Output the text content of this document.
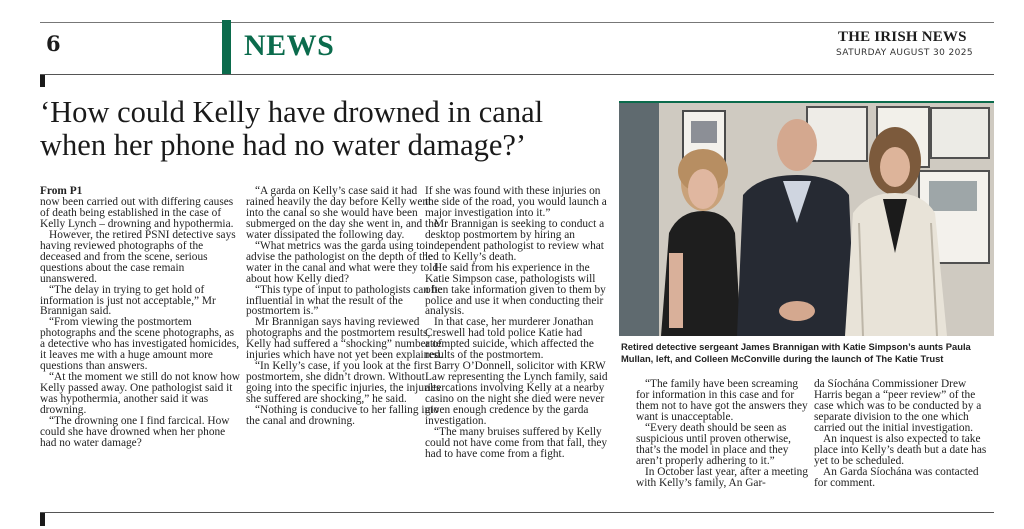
6	NEWS	THE IRISH NEWS
SATURDAY AUGUST 30 2025
‘How could Kelly have drowned in canal
when her phone had no water damage?’
From P1
now been carried out with differing causes of death being established in the case of Kelly Lynch – drowning and hypothermia.
However, the retired PSNI detective says having reviewed photographs of the deceased and from the scene, serious questions about the case remain unanswered.
“The delay in trying to get hold of information is just not acceptable,” Mr Brannigan said.
“From viewing the postmortem photographs and the scene photographs, as a detective who has investigated homicides, it leaves me with a huge amount more questions than answers.
“At the moment we still do not know how Kelly passed away. One pathologist said it was hypothermia, another said it was drowning.
“The drowning one I find farcical. How could she have drowned when her phone had no water damage?
“A garda on Kelly’s case said it had rained heavily the day before Kelly went into the canal so she would have been submerged on the day she went in, and the water dissipated the following day.
“What metrics was the garda using to advise the pathologist on the depth of the water in the canal and what were they told about how Kelly died?
“This type of input to pathologists can be influential in what the result of the postmortem is.”
Mr Brannigan says having reviewed photographs and the postmortem results, Kelly had suffered a “shocking” number of injuries which have not yet been explained.
“In Kelly’s case, if you look at the first postmortem, she didn’t drown. Without going into the specific injuries, the injuries she suffered are shocking,” he said.
“Nothing is conducive to her falling into the canal and drowning.
If she was found with these injuries on the side of the road, you would launch a major investigation into it.”
Mr Brannigan is seeking to conduct a desktop postmortem by hiring an independent pathologist to review what led to Kelly’s death.
He said from his experience in the Katie Simpson case, pathologists will often take information given to them by police and use it when conducting their analysis.
In that case, her murderer Jonathan Creswell had told police Katie had attempted suicide, which affected the results of the postmortem.
Barry O’Donnell, solicitor with KRW Law representing the Lynch family, said altercations involving Kelly at a nearby casino on the night she died were never given enough credence by the garda investigation.
“The many bruises suffered by Kelly could not have come from that fall, they had to have come from a fight.
Retired detective sergeant James Brannigan with Katie Simpson’s aunts Paula Mullan, left, and Colleen McConville during the launch of The Katie Trust
“The family have been screaming for information in this case and for them not to have got the answers they want is unacceptable.
“Every death should be seen as suspicious until proven otherwise, that’s the model in place and they aren’t properly adhering to it.”
In October last year, after a meeting with Kelly’s family, An Gar-
da Síochána Commissioner Drew Harris began a “peer review” of the case which was to be conducted by a separate division to the one which carried out the initial investigation.
An inquest is also expected to take place into Kelly’s death but a date has yet to be scheduled.
An Garda Síochána was contacted for comment.
